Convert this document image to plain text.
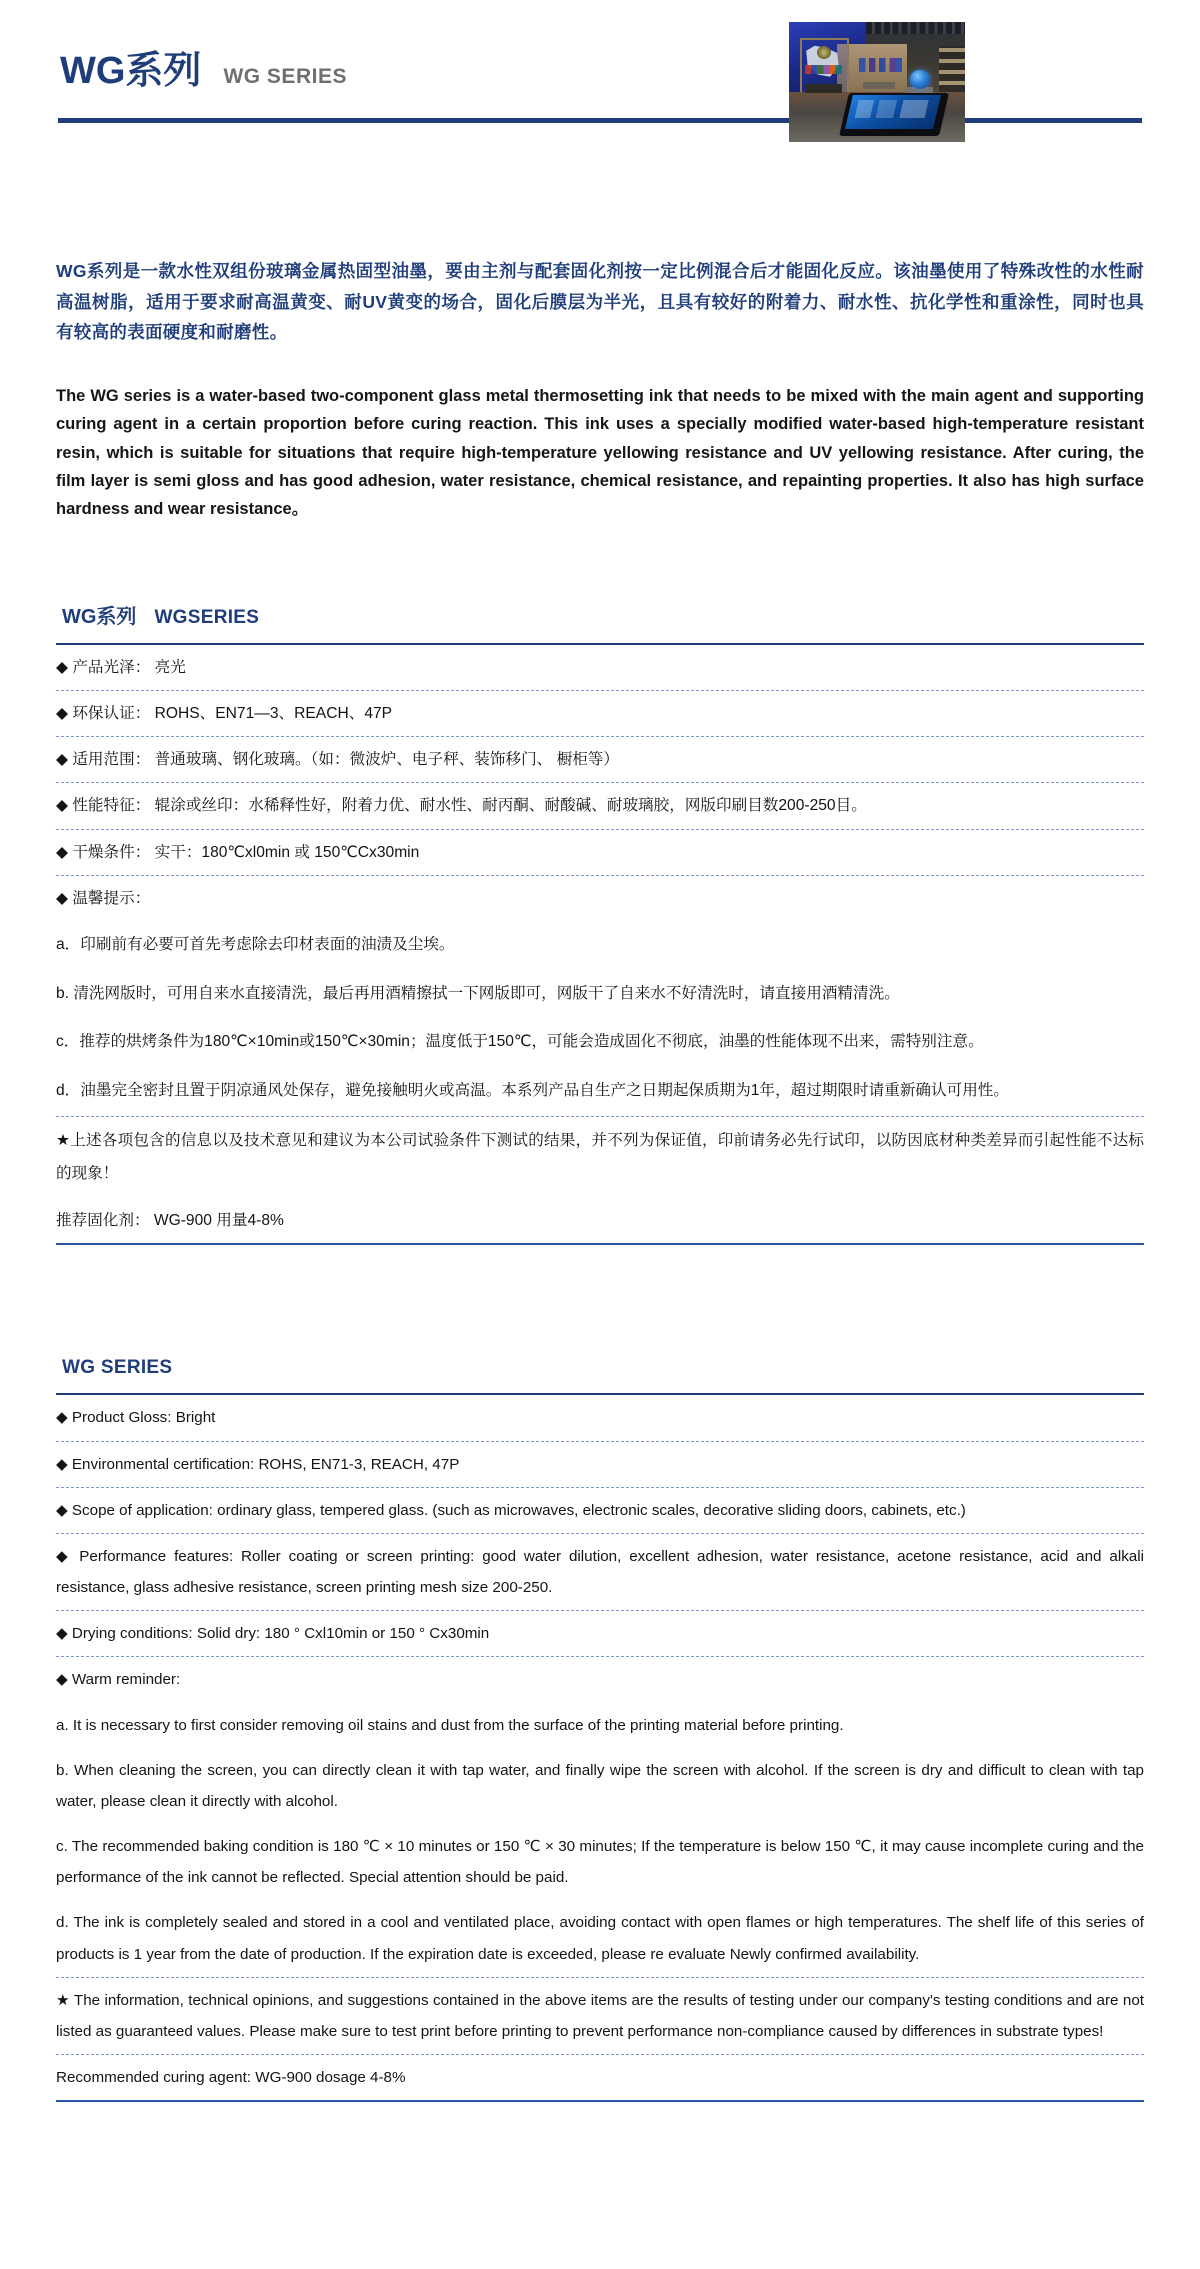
WG系列 WG SERIES

WG系列是一款水性双组份玻璃金属热固型油墨，要由主剂与配套固化剂按一定比例混合后才能固化反应。该油墨使用了特殊改性的水性耐高温树脂，适用于要求耐高温黄变、耐UV黄变的场合，固化后膜层为半光，且具有较好的附着力、耐水性、抗化学性和重涂性，同时也具有较高的表面硬度和耐磨性。

The WG series is a water-based two-component glass metal thermosetting ink that needs to be mixed with the main agent and supporting curing agent in a certain proportion before curing reaction. This ink uses a specially modified water-based high-temperature resistant resin, which is suitable for situations that require high-temperature yellowing resistance and UV yellowing resistance. After curing, the film layer is semi gloss and has good adhesion, water resistance, chemical resistance, and repainting properties. It also has high surface hardness and wear resistance。

WG系列 WGSERIES
◆ 产品光泽： 亮光
◆ 环保认证： ROHS、EN71—3、REACH、47P
◆ 适用范围： 普通玻璃、钢化玻璃。（如：微波炉、电子秤、装饰移门、 橱柜等）
◆ 性能特征： 辊涂或丝印：水稀释性好，附着力优、耐水性、耐丙酮、耐酸碱、耐玻璃胶，网版印刷目数200-250目。
◆ 干燥条件： 实干：180℃xl0min 或 150℃Cx30min
◆ 温馨提示：
a．印刷前有必要可首先考虑除去印材表面的油渍及尘埃。
b. 清洗网版时，可用自来水直接清洗，最后再用酒精擦拭一下网版即可，网版干了自来水不好清洗时，请直接用酒精清洗。
c．推荐的烘烤条件为180℃×10min或150℃×30min；温度低于150℃，可能会造成固化不彻底，油墨的性能体现不出来，需特别注意。
d．油墨完全密封且置于阴凉通风处保存，避免接触明火或高温。本系列产品自生产之日期起保质期为1年，超过期限时请重新确认可用性。
★上述各项包含的信息以及技术意见和建议为本公司试验条件下测试的结果，并不列为保证值，印前请务必先行试印，以防因底材种类差异而引起性能不达标的现象！
推荐固化剂： WG-900 用量4-8%
WG SERIES
◆ Product Gloss: Bright
◆ Environmental certification: ROHS, EN71-3, REACH, 47P
◆ Scope of application: ordinary glass, tempered glass. (such as microwaves, electronic scales, decorative sliding doors, cabinets, etc.)
◆ Performance features: Roller coating or screen printing: good water dilution, excellent adhesion, water resistance, acetone resistance, acid and alkali resistance, glass adhesive resistance, screen printing mesh size 200-250.
◆ Drying conditions: Solid dry: 180 ° Cxl10min or 150 ° Cx30min
◆ Warm reminder:
a. It is necessary to first consider removing oil stains and dust from the surface of the printing material before printing.
b. When cleaning the screen, you can directly clean it with tap water, and finally wipe the screen with alcohol. If the screen is dry and difficult to clean with tap water, please clean it directly with alcohol.
c. The recommended baking condition is 180 ℃ × 10 minutes or 150 ℃ × 30 minutes; If the temperature is below 150 ℃, it may cause incomplete curing and the performance of the ink cannot be reflected. Special attention should be paid.
d. The ink is completely sealed and stored in a cool and ventilated place, avoiding contact with open flames or high temperatures. The shelf life of this series of products is 1 year from the date of production. If the expiration date is exceeded, please re evaluate Newly confirmed availability.
★ The information, technical opinions, and suggestions contained in the above items are the results of testing under our company's testing conditions and are not listed as guaranteed values. Please make sure to test print before printing to prevent performance non-compliance caused by differences in substrate types!
Recommended curing agent: WG-900 dosage 4-8%
